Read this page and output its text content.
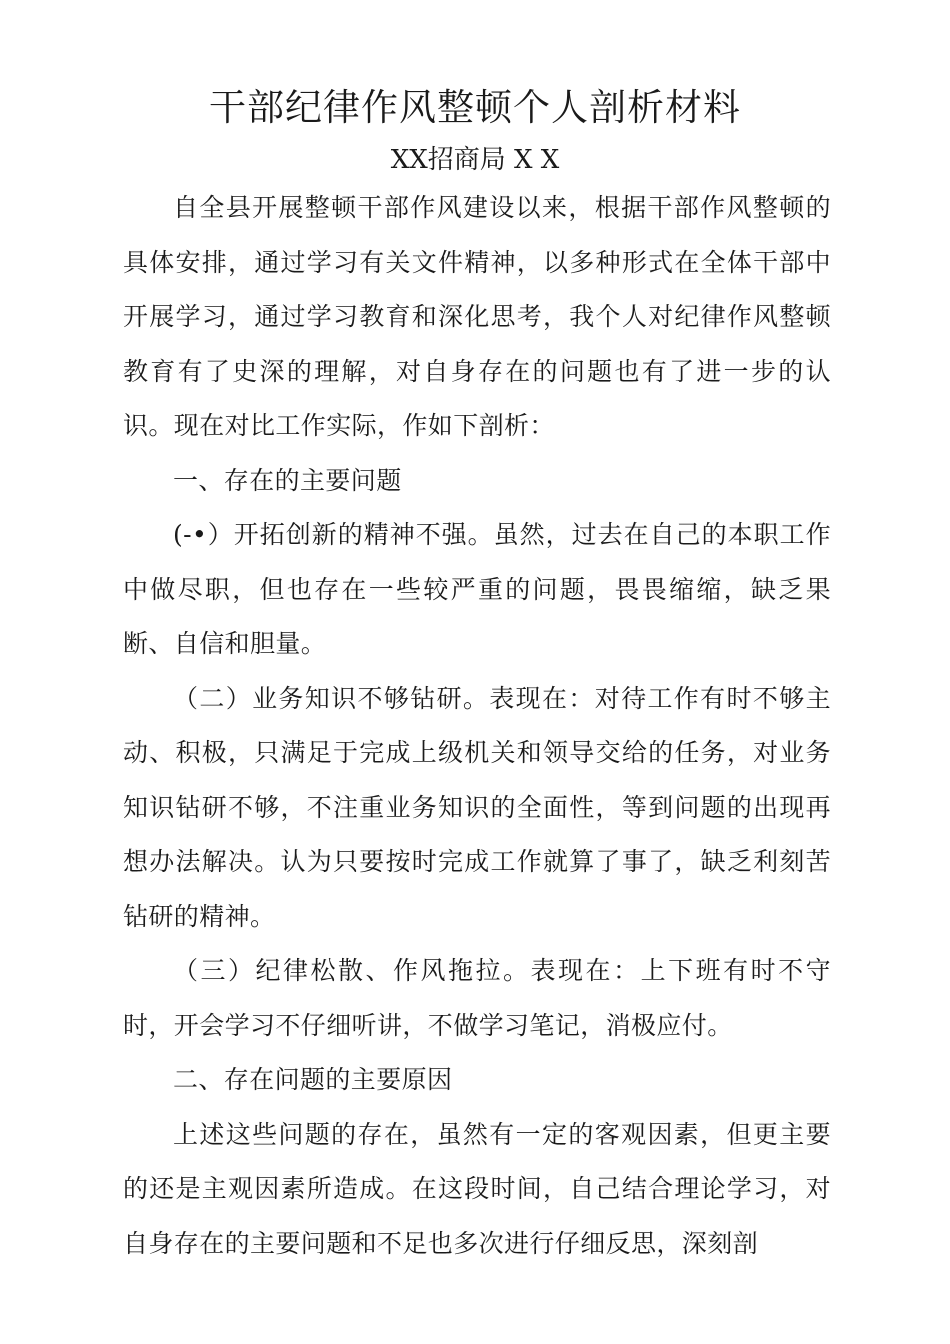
干部纪律作风整顿个人剖析材料
XX招商局 X X

自全县开展整顿干部作风建设以来，根据干部作风整顿的具体安排，通过学习有关文件精神，以多种形式在全体干部中开展学习，通过学习教育和深化思考，我个人对纪律作风整顿教育有了史深的理解，对自身存在的问题也有了进一步的认识。现在对比工作实际，作如下剖析：

一、存在的主要问题

(-•）开拓创新的精神不强。虽然，过去在自己的本职工作中做尽职，但也存在一些较严重的问题，畏畏缩缩，缺乏果断、自信和胆量。

（二）业务知识不够钻研。表现在：对待工作有时不够主动、积极，只满足于完成上级机关和领导交给的任务，对业务知识钻研不够，不注重业务知识的全面性，等到问题的出现再想办法解决。认为只要按时完成工作就算了事了，缺乏利刻苦钻研的精神。

（三）纪律松散、作风拖拉。表现在：上下班有时不守时，开会学习不仔细听讲，不做学习笔记，消极应付。

二、存在问题的主要原因

上述这些问题的存在，虽然有一定的客观因素，但更主要的还是主观因素所造成。在这段时间，自己结合理论学习，对自身存在的主要问题和不足也多次进行仔细反思，深刻剖
